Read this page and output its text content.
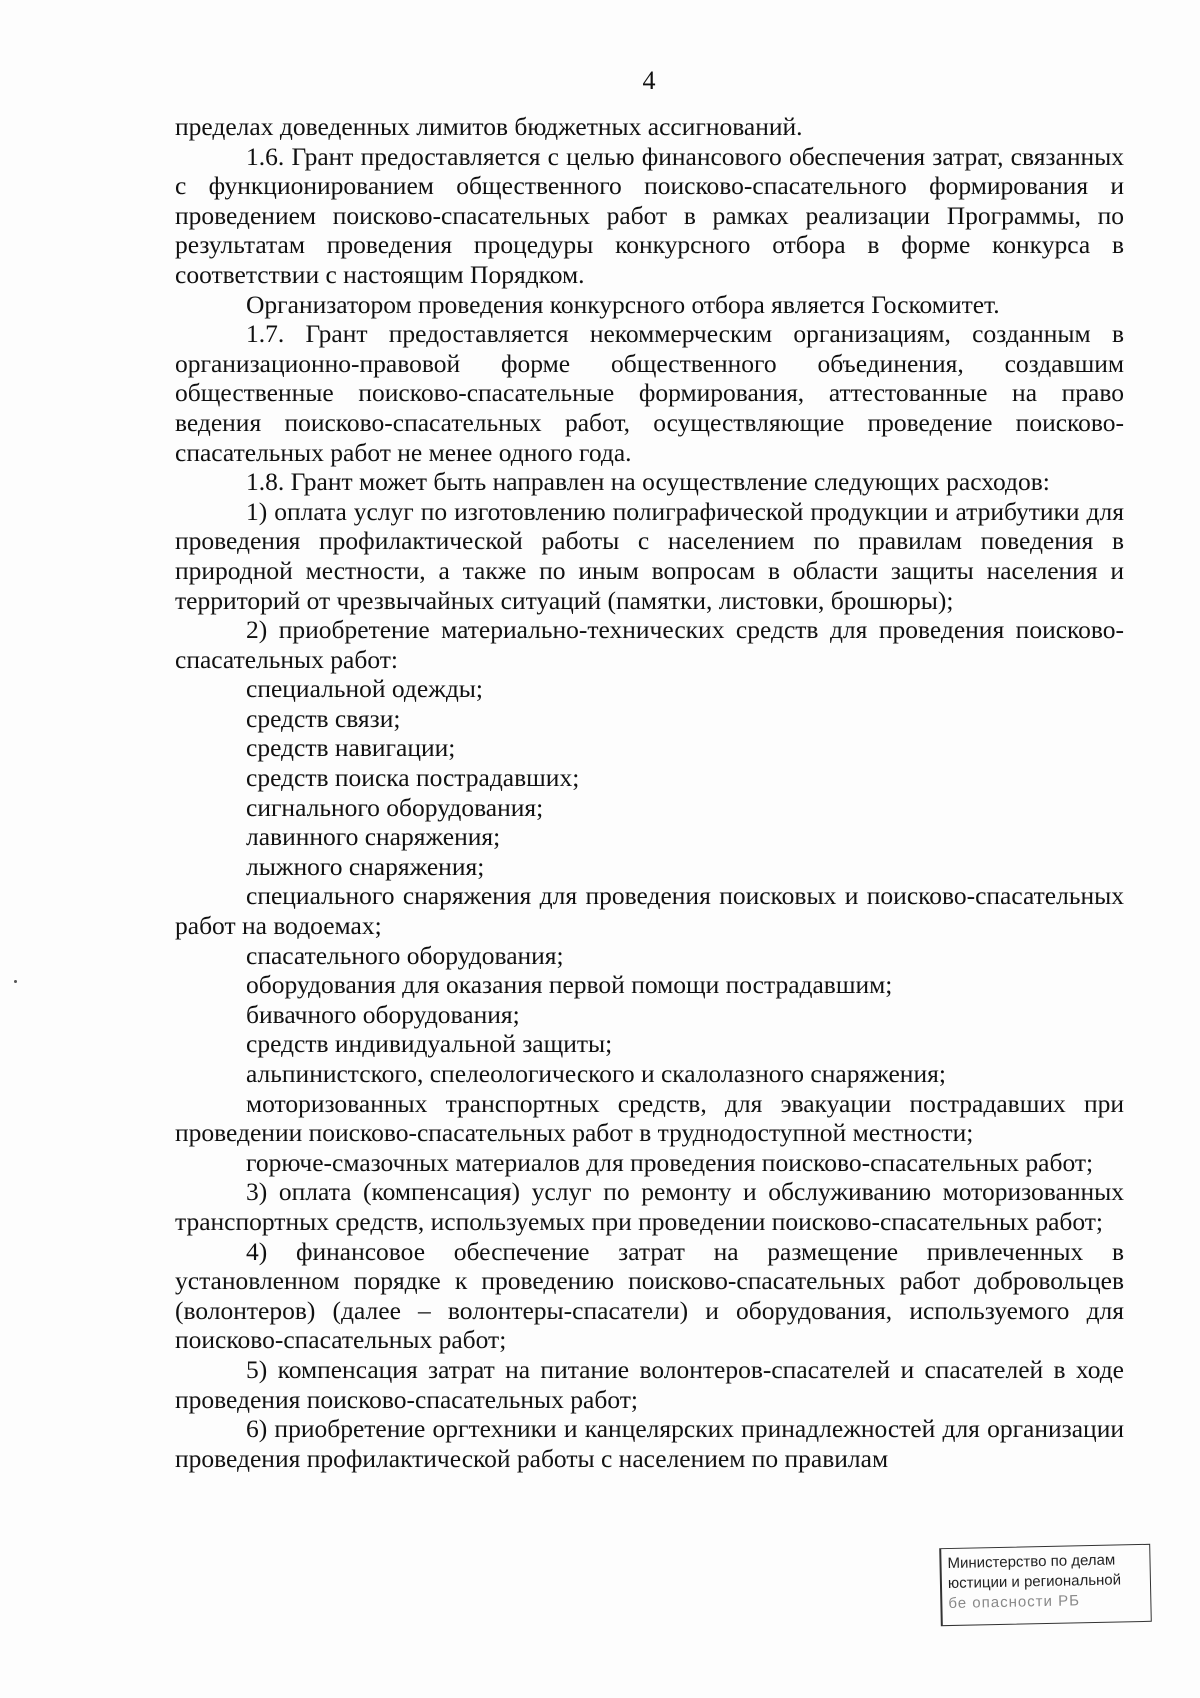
4

пределах доведенных лимитов бюджетных ассигнований.

1.6. Грант предоставляется с целью финансового обеспечения затрат, связанных с функционированием общественного поисково-спасательного формирования и проведением поисково-спасательных работ в рамках реализации Программы, по результатам проведения процедуры конкурсного отбора в форме конкурса в соответствии с настоящим Порядком.

Организатором проведения конкурсного отбора является Госкомитет.

1.7. Грант предоставляется некоммерческим организациям, созданным в организационно-правовой форме общественного объединения, создавшим общественные поисково-спасательные формирования, аттестованные на право ведения поисково-спасательных работ, осуществляющие проведение поисково-спасательных работ не менее одного года.

1.8. Грант может быть направлен на осуществление следующих расходов:

1) оплата услуг по изготовлению полиграфической продукции и атрибутики для проведения профилактической работы с населением по правилам поведения в природной местности, а также по иным вопросам в области защиты населения и территорий от чрезвычайных ситуаций (памятки, листовки, брошюры);

2) приобретение материально-технических средств для проведения поисково-спасательных работ:

специальной одежды;

средств связи;

средств навигации;

средств поиска пострадавших;

сигнального оборудования;

лавинного снаряжения;

лыжного снаряжения;

специального снаряжения для проведения поисковых и поисково-спасательных работ на водоемах;

спасательного оборудования;

оборудования для оказания первой помощи пострадавшим;

бивачного оборудования;

средств индивидуальной защиты;

альпинистского, спелеологического и скалолазного снаряжения;

моторизованных транспортных средств, для эвакуации пострадавших при проведении поисково-спасательных работ в труднодоступной местности;

горюче-смазочных материалов для проведения поисково-спасательных работ;

3) оплата (компенсация) услуг по ремонту и обслуживанию моторизованных транспортных средств, используемых при проведении поисково-спасательных работ;

4) финансовое обеспечение затрат на размещение привлеченных в установленном порядке к проведению поисково-спасательных работ добровольцев (волонтеров) (далее – волонтеры-спасатели) и оборудования, используемого для поисково-спасательных работ;

5) компенсация затрат на питание волонтеров-спасателей и спасателей в ходе проведения поисково-спасательных работ;

6) приобретение оргтехники и канцелярских принадлежностей для организации проведения профилактической работы с населением по правилам

Министерство по делам
юстиции и региональной
бе опасности РБ
